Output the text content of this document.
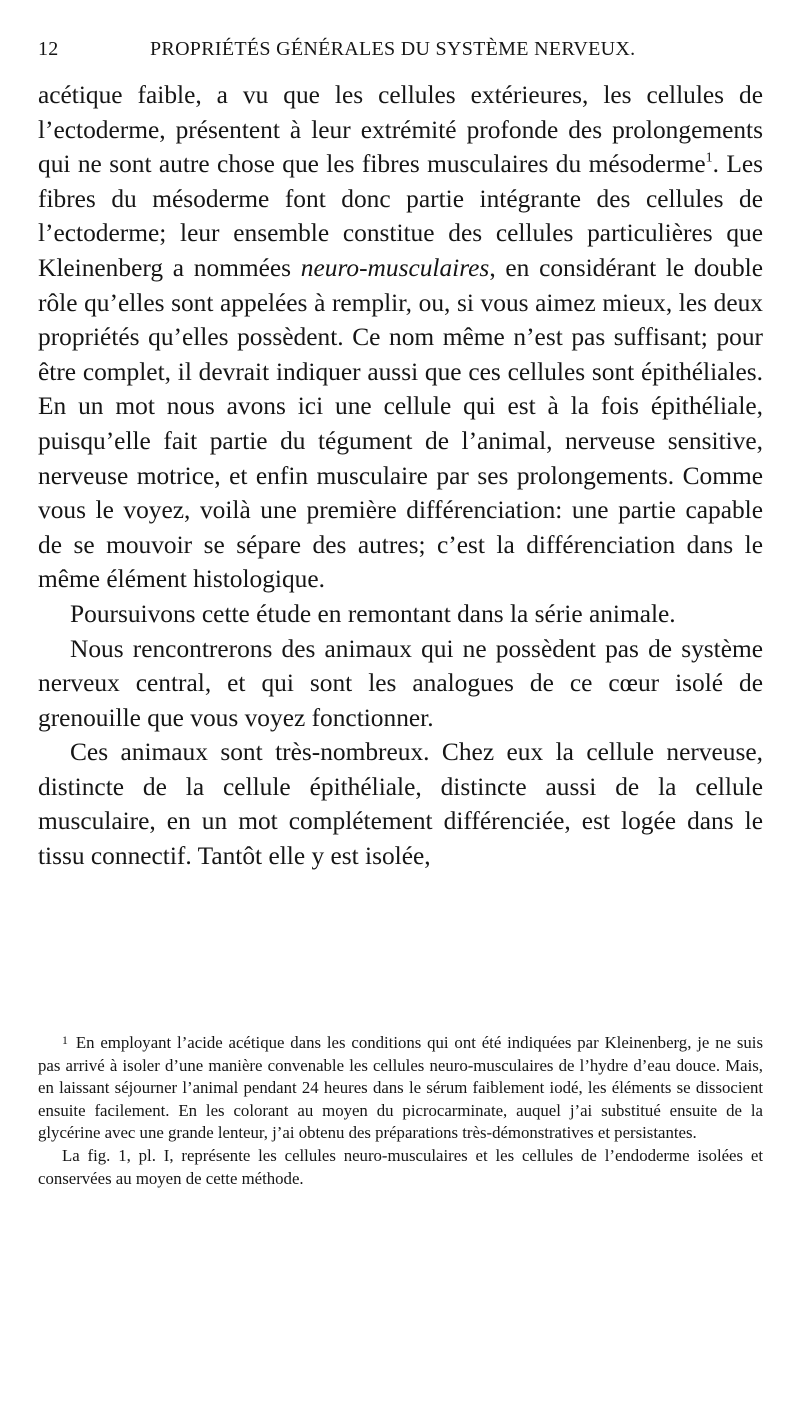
12	PROPRIÉTÉS GÉNÉRALES DU SYSTÈME NERVEUX.

acétique faible, a vu que les cellules extérieures, les cellules de l’ectoderme, présentent à leur extrémité profonde des prolongements qui ne sont autre chose que les fibres musculaires du mésoderme$^1$. Les fibres du mésoderme font donc partie intégrante des cellules de l’ectoderme; leur ensemble constitue des cellules particulières que Kleinenberg a nommées neuro-musculaires, en considérant le double rôle qu’elles sont appelées à remplir, ou, si vous aimez mieux, les deux propriétés qu’elles possèdent. Ce nom même n’est pas suffisant; pour être complet, il devrait indiquer aussi que ces cellules sont épithéliales. En un mot nous avons ici une cellule qui est à la fois épithéliale, puisqu’elle fait partie du tégument de l’animal, nerveuse sensitive, nerveuse motrice, et enfin musculaire par ses prolongements. Comme vous le voyez, voilà une première différenciation: une partie capable de se mouvoir se sépare des autres; c’est la différenciation dans le même élément histologique.

Poursuivons cette étude en remontant dans la série animale.

Nous rencontrerons des animaux qui ne possèdent pas de système nerveux central, et qui sont les analogues de ce cœur isolé de grenouille que vous voyez fonctionner.

Ces animaux sont très-nombreux. Chez eux la cellule nerveuse, distincte de la cellule épithéliale, distincte aussi de la cellule musculaire, en un mot complétement différenciée, est logée dans le tissu connectif. Tantôt elle y est isolée,

$^1$ En employant l’acide acétique dans les conditions qui ont été indiquées par Kleinenberg, je ne suis pas arrivé à isoler d’une manière convenable les cellules neuro-musculaires de l’hydre d’eau douce. Mais, en laissant séjourner l’animal pendant 24 heures dans le sérum faiblement iodé, les éléments se dissocient ensuite facilement. En les colorant au moyen du picrocarminate, auquel j’ai substitué ensuite de la glycérine avec une grande lenteur, j’ai obtenu des préparations très-démonstratives et persistantes.

La fig. 1, pl. I, représente les cellules neuro-musculaires et les cellules de l’endoderme isolées et conservées au moyen de cette méthode.
